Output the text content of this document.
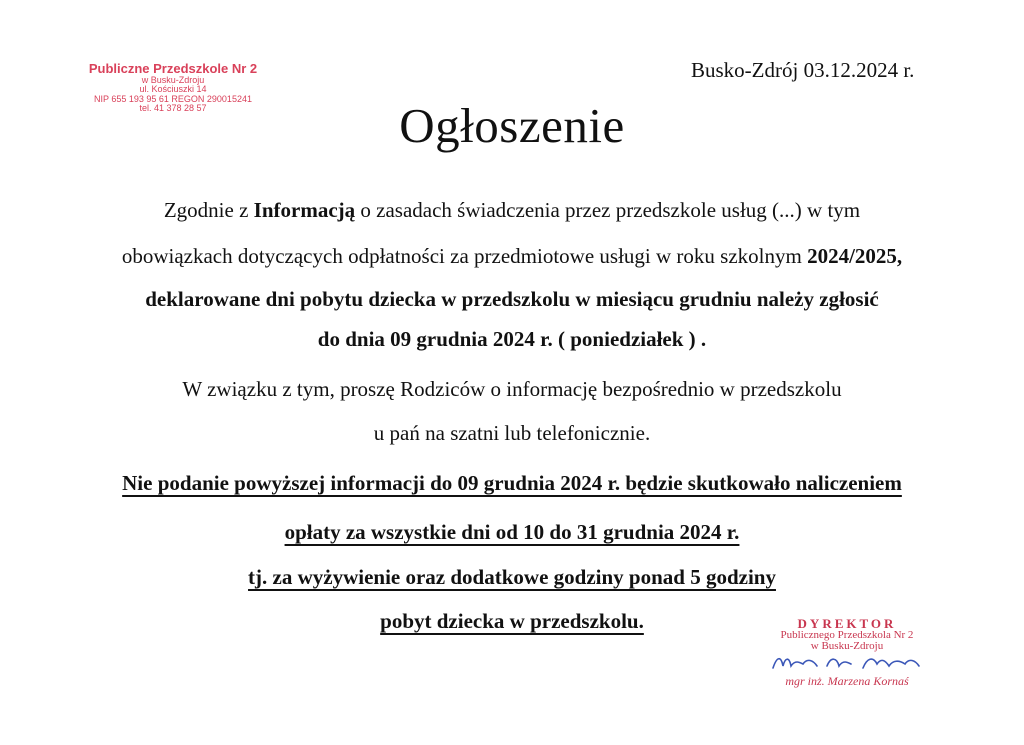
Publiczne Przedszkole Nr 2
w Busku-Zdroju
ul. Kościuszki 14
NIP 655 193 95 61 REGON 290015241
tel. 41 378 28 57
Busko-Zdrój 03.12.2024 r.
Ogłoszenie
Zgodnie z Informacją o zasadach świadczenia przez przedszkole usług (...) w tym
obowiązkach dotyczących odpłatności za przedmiotowe usługi w roku szkolnym 2024/2025,
deklarowane dni pobytu dziecka w przedszkolu w miesiącu grudniu należy zgłosić
do dnia 09 grudnia 2024 r. ( poniedziałek ) .
W związku z tym, proszę Rodziców o informację bezpośrednio w przedszkolu
u pań na szatni lub telefonicznie.
Nie podanie powyższej informacji do 09 grudnia 2024 r. będzie skutkowało naliczeniem
opłaty za wszystkie dni od 10 do 31 grudnia 2024 r.
tj. za wyżywienie oraz dodatkowe godziny ponad 5 godziny
pobyt dziecka w przedszkolu.	DYREKTOR
Publicznego Przedszkola Nr 2
w Busku-Zdroju
mgr inż. Marzena Kornaś
